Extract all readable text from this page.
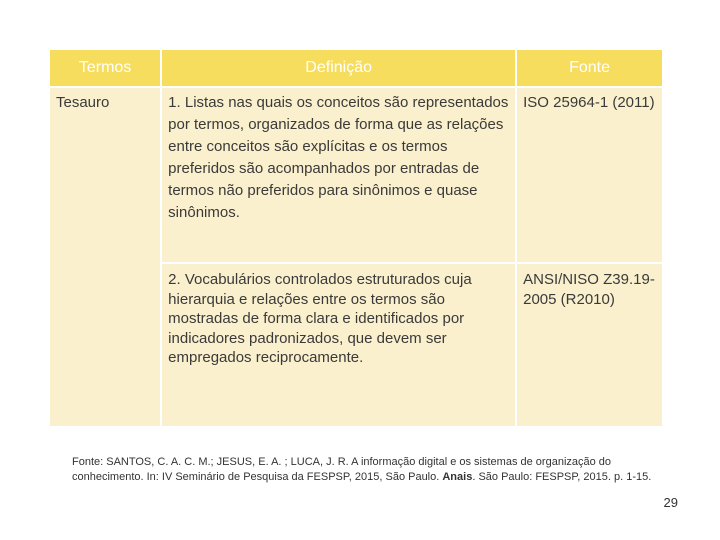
Termos	Definição	Fonte
Tesauro	1. Listas nas quais os conceitos são representados por termos, organizados de forma que as relações entre conceitos são explícitas e os termos preferidos são acompanhados por entradas de termos não preferidos para sinônimos e quase sinônimos.	ISO 25964-1 (2011)

	2. Vocabulários controlados estruturados cuja hierarquia e relações entre os termos são mostradas de forma clara e identificados por indicadores padronizados, que devem ser empregados reciprocamente.	ANSI/NISO Z39.19-2005 (R2010)
Fonte: SANTOS, C. A. C. M.; JESUS, E. A. ; LUCA, J. R. A informação digital e os sistemas de organização do conhecimento. In: IV Seminário de Pesquisa da FESPSP, 2015, São Paulo. Anais. São Paulo: FESPSP, 2015. p. 1-15.
29
